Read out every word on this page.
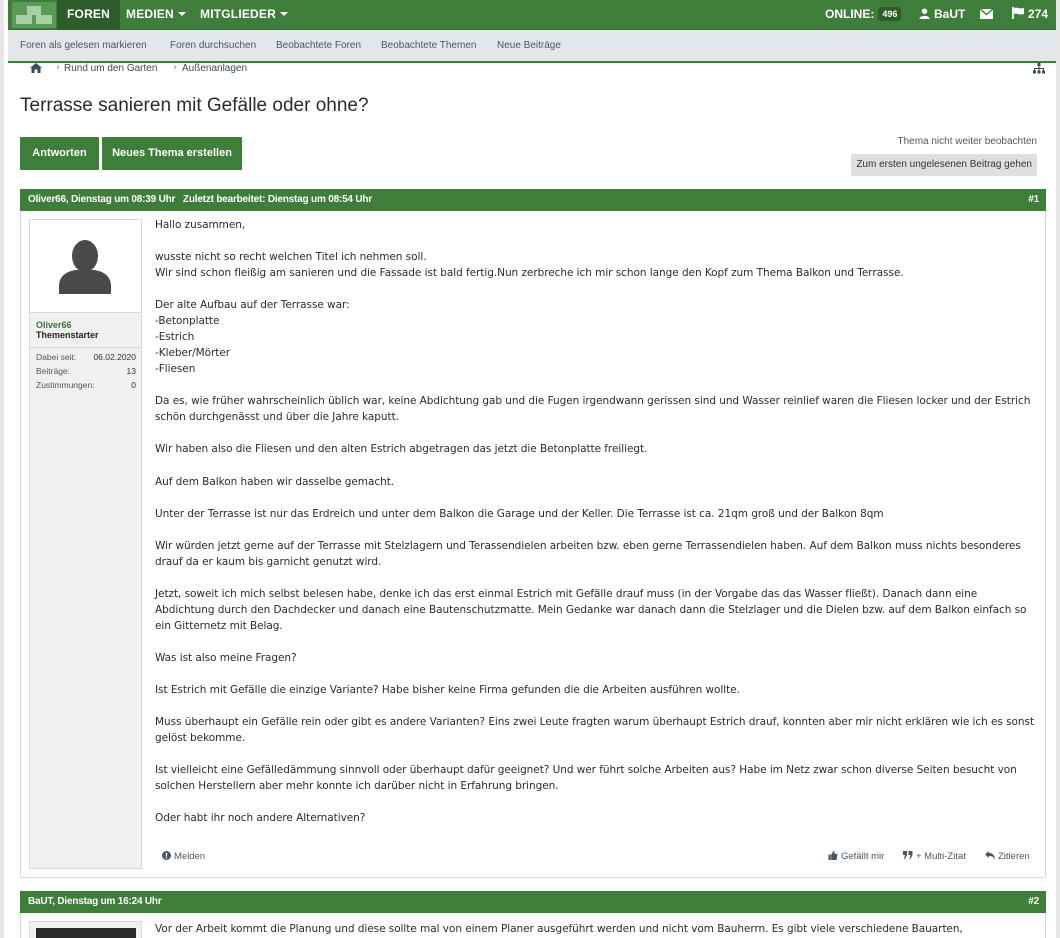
FOREN	MEDIEN	MITGLIEDER	ONLINE: 496	BaUT	274
Foren als gelesen markieren Foren durchsuchen Beobachtete Foren Beobachtete Themen Neue Beiträge
› Rund um den Garten › Außenanlagen
Terrasse sanieren mit Gefälle oder ohne?
Antworten	Neues Thema erstellen
Thema nicht weiter beobachten
Zum ersten ungelesenen Beitrag gehen
Oliver66, Dienstag um 08:39 Uhr   Zuletzt bearbeitet: Dienstag um 08:54 Uhr	#1
Oliver66
Themenstarter
Dabei seit: 06.02.2020
Beiträge:	13
Zustimmungen:	0

Hallo zusammen,

wusste nicht so recht welchen Titel ich nehmen soll.
Wir sind schon fleißig am sanieren und die Fassade ist bald fertig.Nun zerbreche ich mir schon lange den Kopf zum Thema Balkon und Terrasse.

Der alte Aufbau auf der Terrasse war:
-Betonplatte
-Estrich
-Kleber/Mörter
-Fliesen

Da es, wie früher wahrscheinlich üblich war, keine Abdichtung gab und die Fugen irgendwann gerissen sind und Wasser reinlief waren die Fliesen locker und der Estrich schön durchgenässt und über die Jahre kaputt.

Wir haben also die Fliesen und den alten Estrich abgetragen das jetzt die Betonplatte freiliegt.

Auf dem Balkon haben wir dasselbe gemacht.

Unter der Terrasse ist nur das Erdreich und unter dem Balkon die Garage und der Keller. Die Terrasse ist ca. 21qm groß und der Balkon 8qm

Wir würden jetzt gerne auf der Terrasse mit Stelzlagern und Terassendielen arbeiten bzw. eben gerne Terrassendielen haben. Auf dem Balkon muss nichts besonderes drauf da er kaum bis garnicht genutzt wird.

Jetzt, soweit ich mich selbst belesen habe, denke ich das erst einmal Estrich mit Gefälle drauf muss (in der Vorgabe das das Wasser fließt). Danach dann eine Abdichtung durch den Dachdecker und danach eine Bautenschutzmatte. Mein Gedanke war danach dann die Stelzlager und die Dielen bzw. auf dem Balkon einfach so ein Gitternetz mit Belag.

Was ist also meine Fragen?

Ist Estrich mit Gefälle die einzige Variante? Habe bisher keine Firma gefunden die die Arbeiten ausführen wollte.

Muss überhaupt ein Gefälle rein oder gibt es andere Varianten? Eins zwei Leute fragten warum überhaupt Estrich drauf, konnten aber mir nicht erklären wie ich es sonst gelöst bekomme.

Ist vielleicht eine Gefälledämmung sinnvoll oder überhaupt dafür geeignet? Und wer führt solche Arbeiten aus? Habe im Netz zwar schon diverse Seiten besucht von solchen Herstellern aber mehr konnte ich darüber nicht in Erfahrung bringen.

Oder habt ihr noch andere Alternativen?

Melden	Gefällt mir	+ Multi-Zitat	Zitieren
BaUT, Dienstag um 16:24 Uhr	#2

Vor der Arbeit kommt die Planung und diese sollte mal von einem Planer ausgeführt werden und nicht vom Bauherrn. Es gibt viele verschiedene Bauarten,
